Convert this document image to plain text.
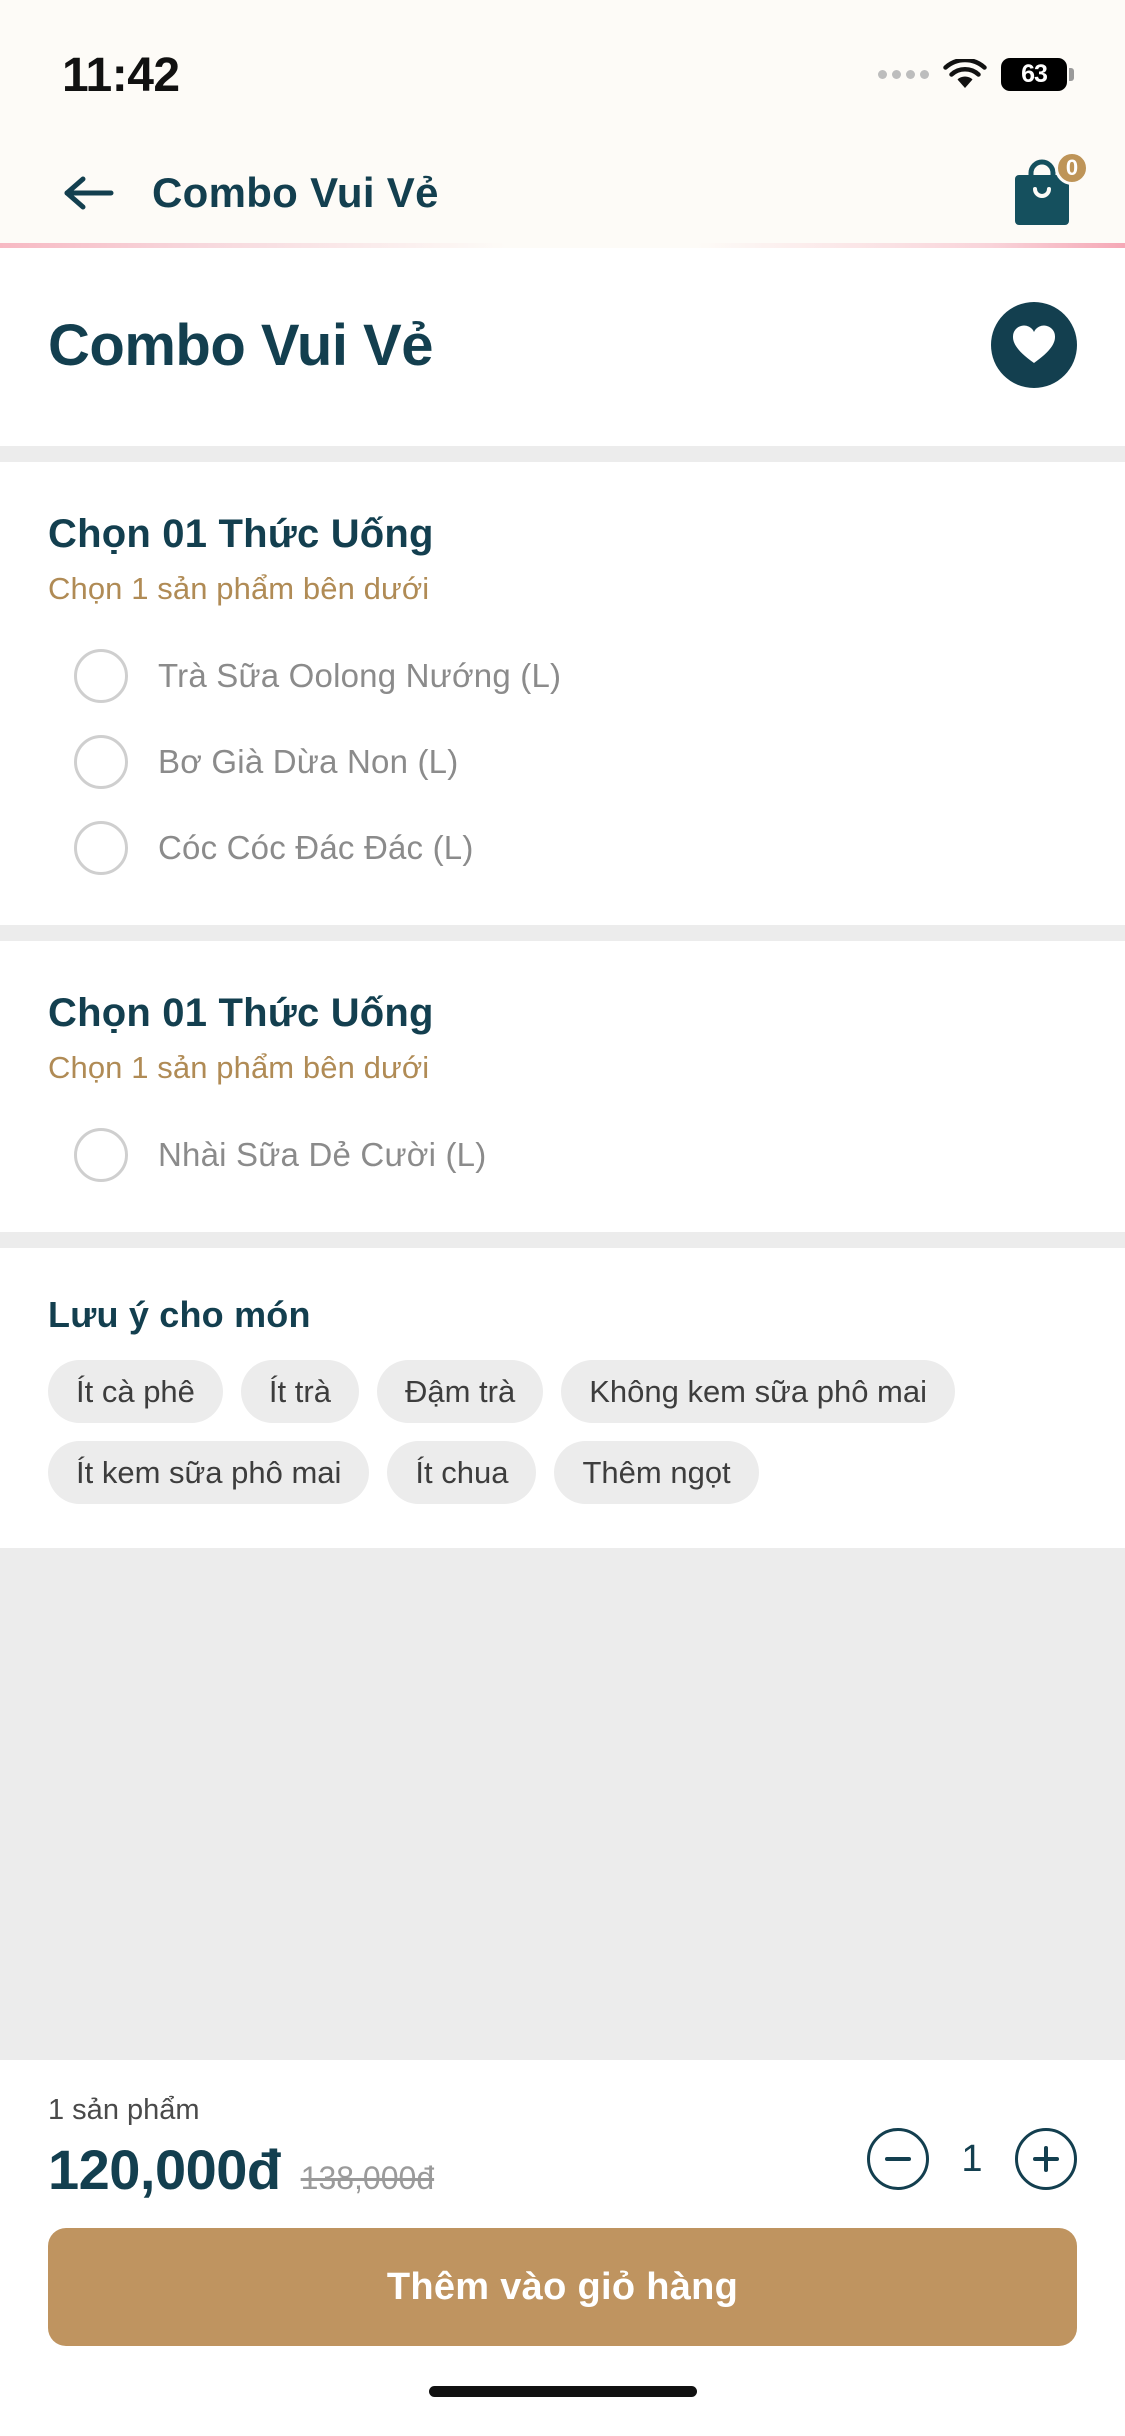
11:42	63
Combo Vui Vẻ
0
Combo Vui Vẻ
Chọn 01 Thức Uống
Chọn 1 sản phẩm bên dưới
Trà Sữa Oolong Nướng (L)
Bơ Già Dừa Non (L)
Cóc Cóc Đác Đác (L)
Chọn 01 Thức Uống
Chọn 1 sản phẩm bên dưới
Nhài Sữa Dẻ Cười (L)
Lưu ý cho món
Ít cà phê	Ít trà	Đậm trà	Không kem sữa phô mai
Ít kem sữa phô mai	Ít chua	Thêm ngọt
1 sản phẩm
120,000đ 138,000đ	1
Thêm vào giỏ hàng
